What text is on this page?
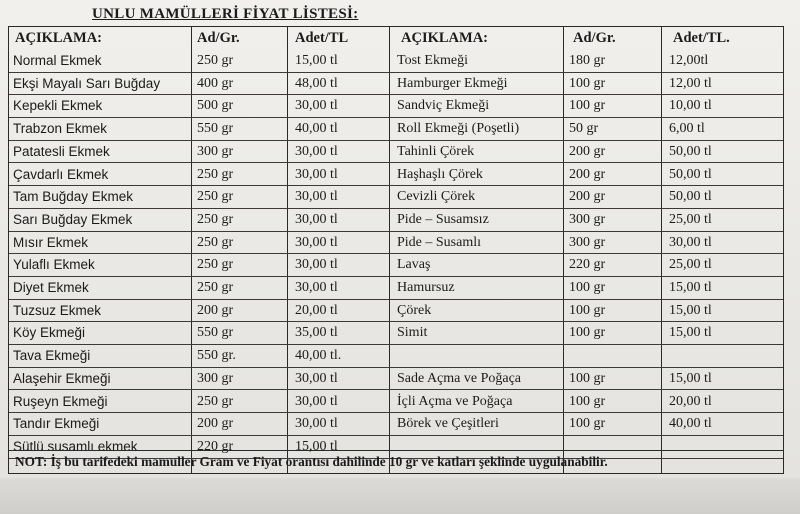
UNLU MAMÜLLERİ FİYAT LİSTESİ:
AÇIKLAMA:	Ad/Gr.	Adet/TL	AÇIKLAMA:	Ad/Gr.	Adet/TL.
Normal Ekmek	250 gr	15,00 tl	Tost Ekmeği	180 gr	12,00tl
Ekşi Mayalı Sarı Buğday	400 gr	48,00 tl	Hamburger Ekmeği	100 gr	12,00 tl
Kepekli Ekmek	500 gr	30,00 tl	Sandviç Ekmeği	100 gr	10,00 tl
Trabzon Ekmek	550 gr	40,00 tl	Roll Ekmeği (Poşetli)	50 gr	6,00 tl
Patatesli Ekmek	300 gr	30,00 tl	Tahinli Çörek	200 gr	50,00 tl
Çavdarlı Ekmek	250 gr	30,00 tl	Haşhaşlı Çörek	200 gr	50,00 tl
Tam Buğday Ekmek	250 gr	30,00 tl	Cevizli Çörek	200 gr	50,00 tl
Sarı Buğday Ekmek	250 gr	30,00 tl	Pide – Susamsız	300 gr	25,00 tl
Mısır Ekmek	250 gr	30,00 tl	Pide – Susamlı	300 gr	30,00 tl
Yulaflı Ekmek	250 gr	30,00 tl	Lavaş	220 gr	25,00 tl
Diyet Ekmek	250 gr	30,00 tl	Hamursuz	100 gr	15,00 tl
Tuzsuz Ekmek	200 gr	20,00 tl	Çörek	100 gr	15,00 tl
Köy Ekmeği	550 gr	35,00 tl	Simit	100 gr	15,00 tl
Tava Ekmeği	550 gr.	40,00 tl.
Alaşehir Ekmeği	300 gr	30,00 tl	Sade Açma ve Poğaça	100 gr	15,00 tl
Ruşeyn Ekmeği	250 gr	30,00 tl	İçli Açma ve Poğaça	100 gr	20,00 tl
Tandır Ekmeği	200 gr	30,00 tl	Börek ve Çeşitleri	100 gr	40,00 tl
Sütlü susamlı ekmek	220 gr	15,00 tl
NOT: İş bu tarifedeki mamuller Gram ve Fiyat orantısı dahilinde 10 gr ve katları şeklinde uygulanabilir.
